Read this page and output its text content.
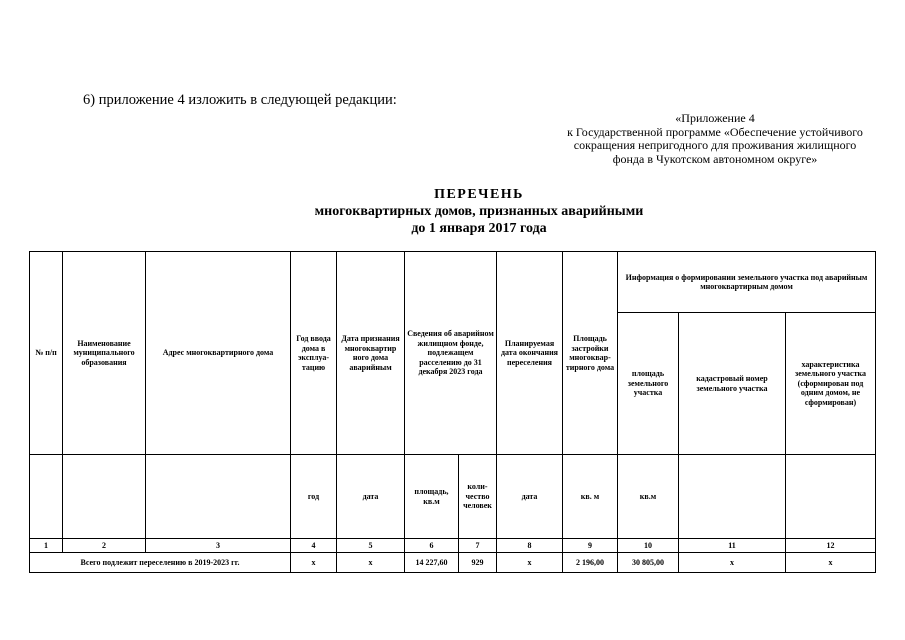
6) приложение 4 изложить в следующей редакции:
«Приложение 4
к Государственной программе «Обеспечение устойчивого
сокращения непригодного для проживания жилищного
фонда в Чукотском автономном округе»
ПЕРЕЧЕНЬ
многоквартирных домов, признанных аварийными
до 1 января 2017 года
№ п/п	Наименование муниципального образования	Адрес многоквартирного дома	Год ввода дома в эксплуа-тацию	Дата признания многоквартир ного дома аварийным	Сведения об аварийном жилищном фонде, подлежащем расселению до 31 декабря 2023 года		Планируемая дата окончания переселения	Площадь застройки многоквар-тирного дома	Информация о формировании земельного участка под аварийным многоквартирным домом		
									площадь земельного участка	кадастровый номер земельного участка	характеристика земельного участка (сформирован под одним домом, не сформирован)
			год	дата	площадь, кв.м	коли-чество человек	дата	кв. м	кв.м		
1	2	3	4	5	6	7	8	9	10	11	12
Всего подлежит переселению в 2019-2023 гг.			х	х	14 227,60	929	х	2 196,00	30 805,00	х	х
